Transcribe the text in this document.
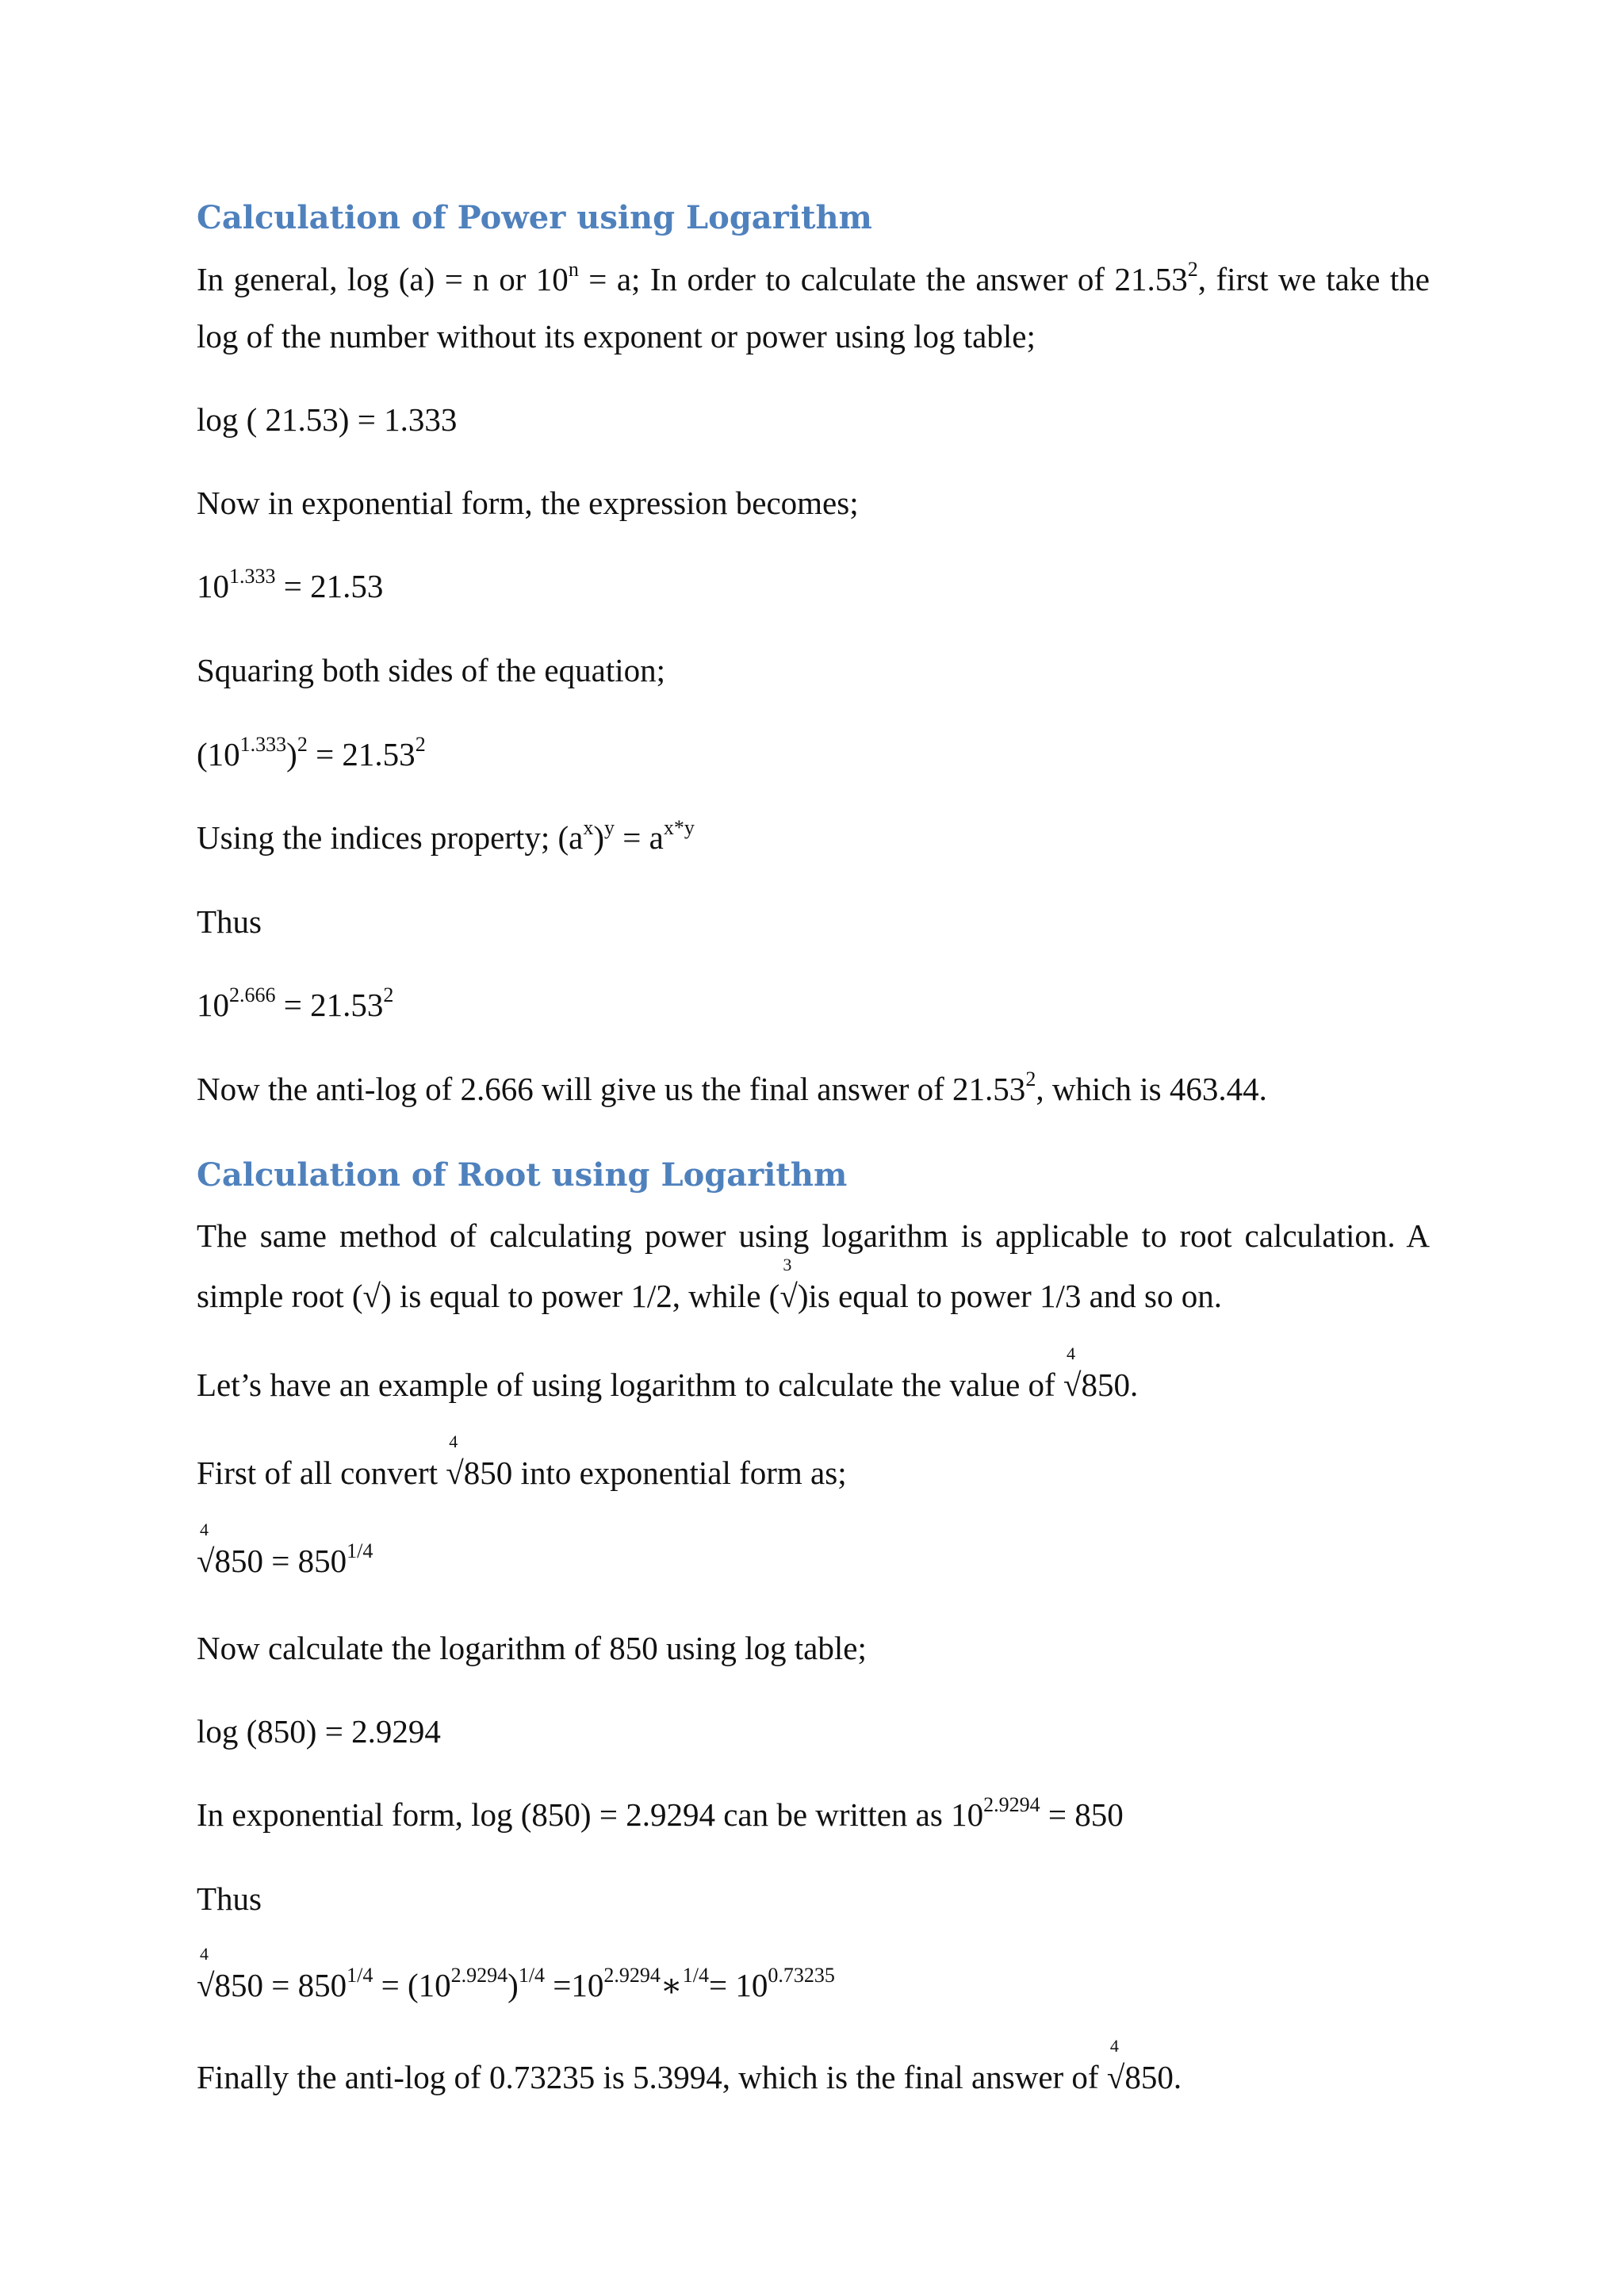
Calculation of Power using Logarithm
In general, log (a) = n or $10^n = a$; In order to calculate the answer of 21.53$^2$, first we take the
log of the number without its exponent or power using log table;
log ( 21.53) = 1.333
Now in exponential form, the expression becomes;
$10^{1.333} = 21.53$
Squaring both sides of the equation;
$(10^{1.333})^2 = 21.53^2$
Using the indices property; $(a^x)^y = a^{x*y}$
Thus
$10^{2.666} = 21.53^2$
Now the anti-log of 2.666 will give us the final answer of 21.53$^2$, which is 463.44.
Calculation of Root using Logarithm
The same method of calculating power using logarithm is applicable to root calculation. A
simple root (√) is equal to power 1/2, while (
3
√)is equal to power 1/3 and so on.
Let’s have an example of using logarithm to calculate the value of
4
√850.
First of all convert
4
√850 into exponential form as;
4
$√850 = 850^{1/4}$
Now calculate the logarithm of 850 using log table;
log (850) = 2.9294
In exponential form, log (850) = 2.9294 can be written as $10^{2.9294} = 850$
Thus
4
$√850 = 850^{1/4} = (10^{2.9294})^{1/4}$ $=10^{2.9294}∗^{1/4}= 10^{0.73235}$
Finally the anti-log of 0.73235 is 5.3994, which is the final answer of
4
√850.
